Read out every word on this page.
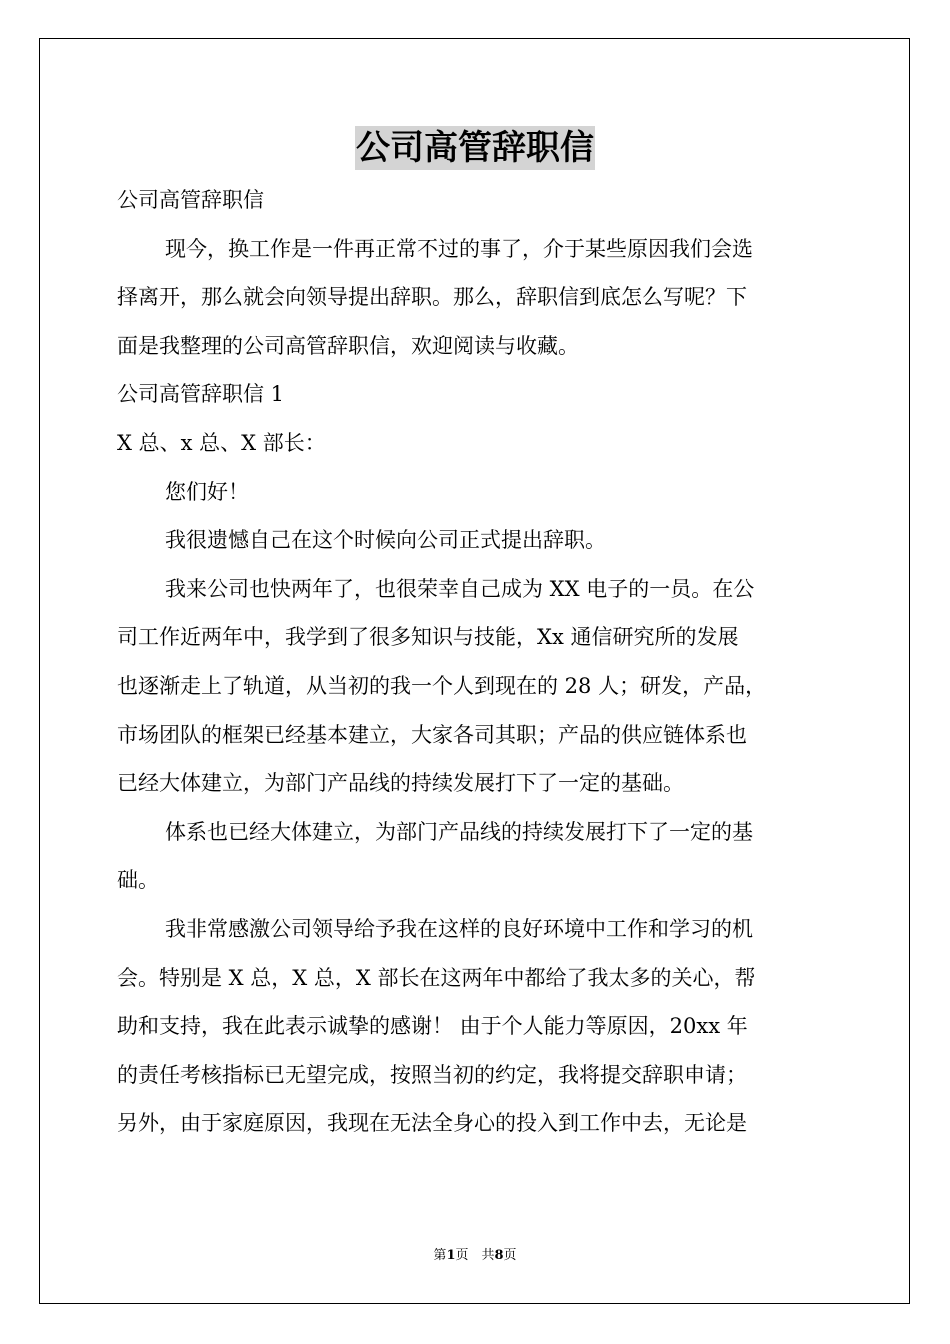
公司高管辞职信
公司高管辞职信
现今，换工作是一件再正常不过的事了，介于某些原因我们会选
择离开，那么就会向领导提出辞职。那么，辞职信到底怎么写呢？下
面是我整理的公司高管辞职信，欢迎阅读与收藏。
公司高管辞职信 1
X 总、x 总、X 部长：
您们好！
我很遗憾自己在这个时候向公司正式提出辞职。
我来公司也快两年了，也很荣幸自己成为 XX 电子的一员。在公
司工作近两年中，我学到了很多知识与技能，Xx 通信研究所的发展
也逐渐走上了轨道，从当初的我一个人到现在的 28 人；研发，产品，
市场团队的框架已经基本建立，大家各司其职；产品的供应链体系也
已经大体建立，为部门产品线的持续发展打下了一定的基础。
体系也已经大体建立，为部门产品线的持续发展打下了一定的基
础。
我非常感激公司领导给予我在这样的良好环境中工作和学习的机
会。特别是 X 总，X 总，X 部长在这两年中都给了我太多的关心，帮
助和支持，我在此表示诚挚的感谢！ 由于个人能力等原因，20xx 年
的责任考核指标已无望完成，按照当初的约定，我将提交辞职申请；
另外，由于家庭原因，我现在无法全身心的投入到工作中去，无论是
第1页　共8页
